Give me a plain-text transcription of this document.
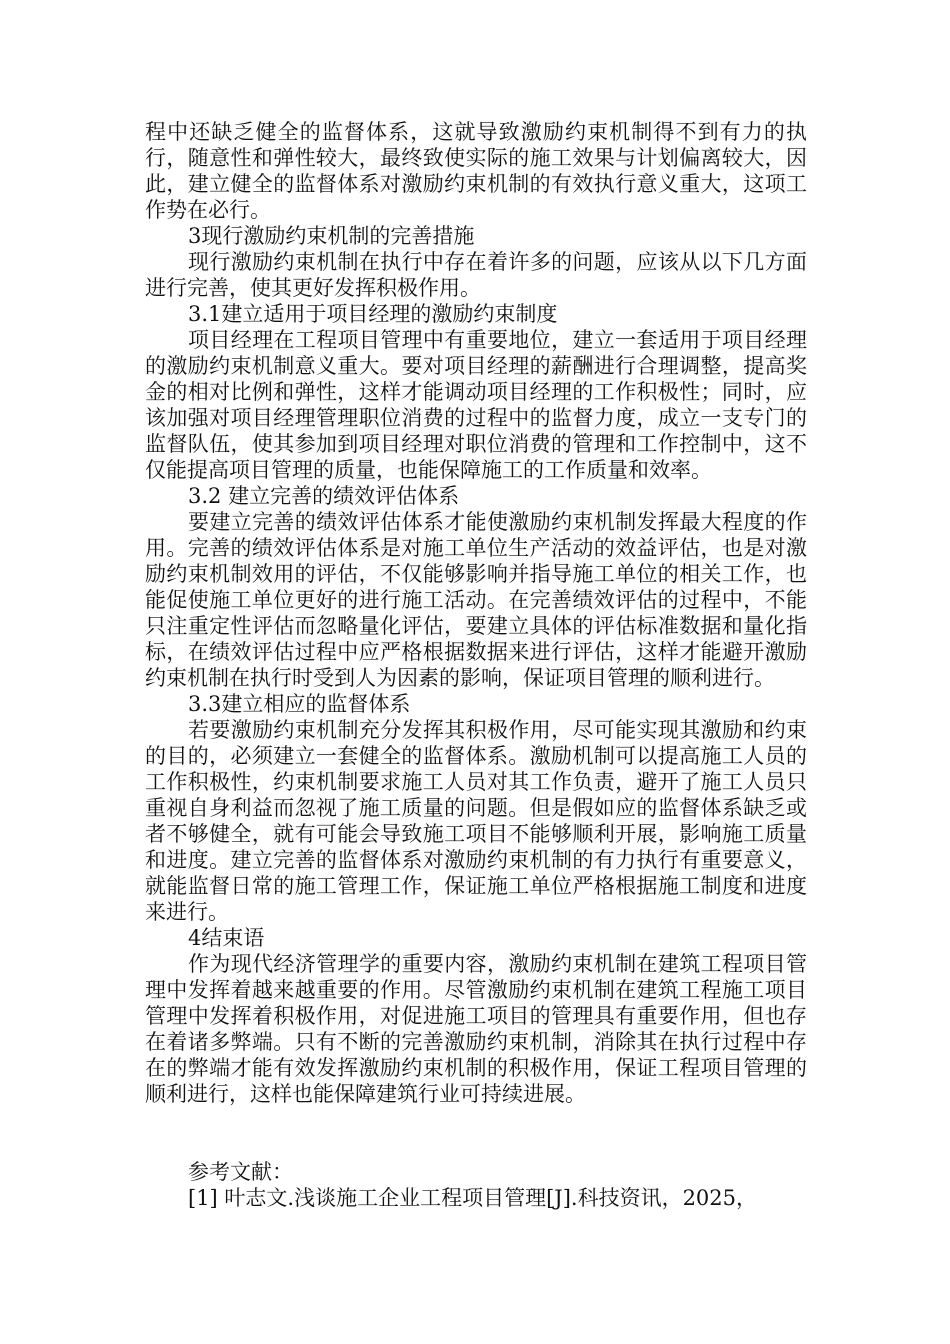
程中还缺乏健全的监督体系，这就导致激励约束机制得不到有力的执行，随意性和弹性较大，最终致使实际的施工效果与计划偏离较大，因此，建立健全的监督体系对激励约束机制的有效执行意义重大，这项工作势在必行。

3现行激励约束机制的完善措施

现行激励约束机制在执行中存在着许多的问题，应该从以下几方面进行完善，使其更好发挥积极作用。

3.1建立适用于项目经理的激励约束制度

项目经理在工程项目管理中有重要地位，建立一套适用于项目经理的激励约束机制意义重大。要对项目经理的薪酬进行合理调整，提高奖金的相对比例和弹性，这样才能调动项目经理的工作积极性；同时，应该加强对项目经理管理职位消费的过程中的监督力度，成立一支专门的监督队伍，使其参加到项目经理对职位消费的管理和工作控制中，这不仅能提高项目管理的质量，也能保障施工的工作质量和效率。

3.2 建立完善的绩效评估体系

要建立完善的绩效评估体系才能使激励约束机制发挥最大程度的作用。完善的绩效评估体系是对施工单位生产活动的效益评估，也是对激励约束机制效用的评估，不仅能够影响并指导施工单位的相关工作，也能促使施工单位更好的进行施工活动。在完善绩效评估的过程中，不能只注重定性评估而忽略量化评估，要建立具体的评估标准数据和量化指标，在绩效评估过程中应严格根据数据来进行评估，这样才能避开激励约束机制在执行时受到人为因素的影响，保证项目管理的顺利进行。

3.3建立相应的监督体系

若要激励约束机制充分发挥其积极作用，尽可能实现其激励和约束的目的，必须建立一套健全的监督体系。激励机制可以提高施工人员的工作积极性，约束机制要求施工人员对其工作负责，避开了施工人员只重视自身利益而忽视了施工质量的问题。但是假如应的监督体系缺乏或者不够健全，就有可能会导致施工项目不能够顺利开展，影响施工质量和进度。建立完善的监督体系对激励约束机制的有力执行有重要意义，就能监督日常的施工管理工作，保证施工单位严格根据施工制度和进度来进行。

4结束语

作为现代经济管理学的重要内容，激励约束机制在建筑工程项目管理中发挥着越来越重要的作用。尽管激励约束机制在建筑工程施工项目管理中发挥着积极作用，对促进施工项目的管理具有重要作用，但也存在着诸多弊端。只有不断的完善激励约束机制，消除其在执行过程中存在的弊端才能有效发挥激励约束机制的积极作用，保证工程项目管理的顺利进行，这样也能保障建筑行业可持续进展。

参考文献：

[1] 叶志文.浅谈施工企业工程项目管理[J].科技资讯，2025，
